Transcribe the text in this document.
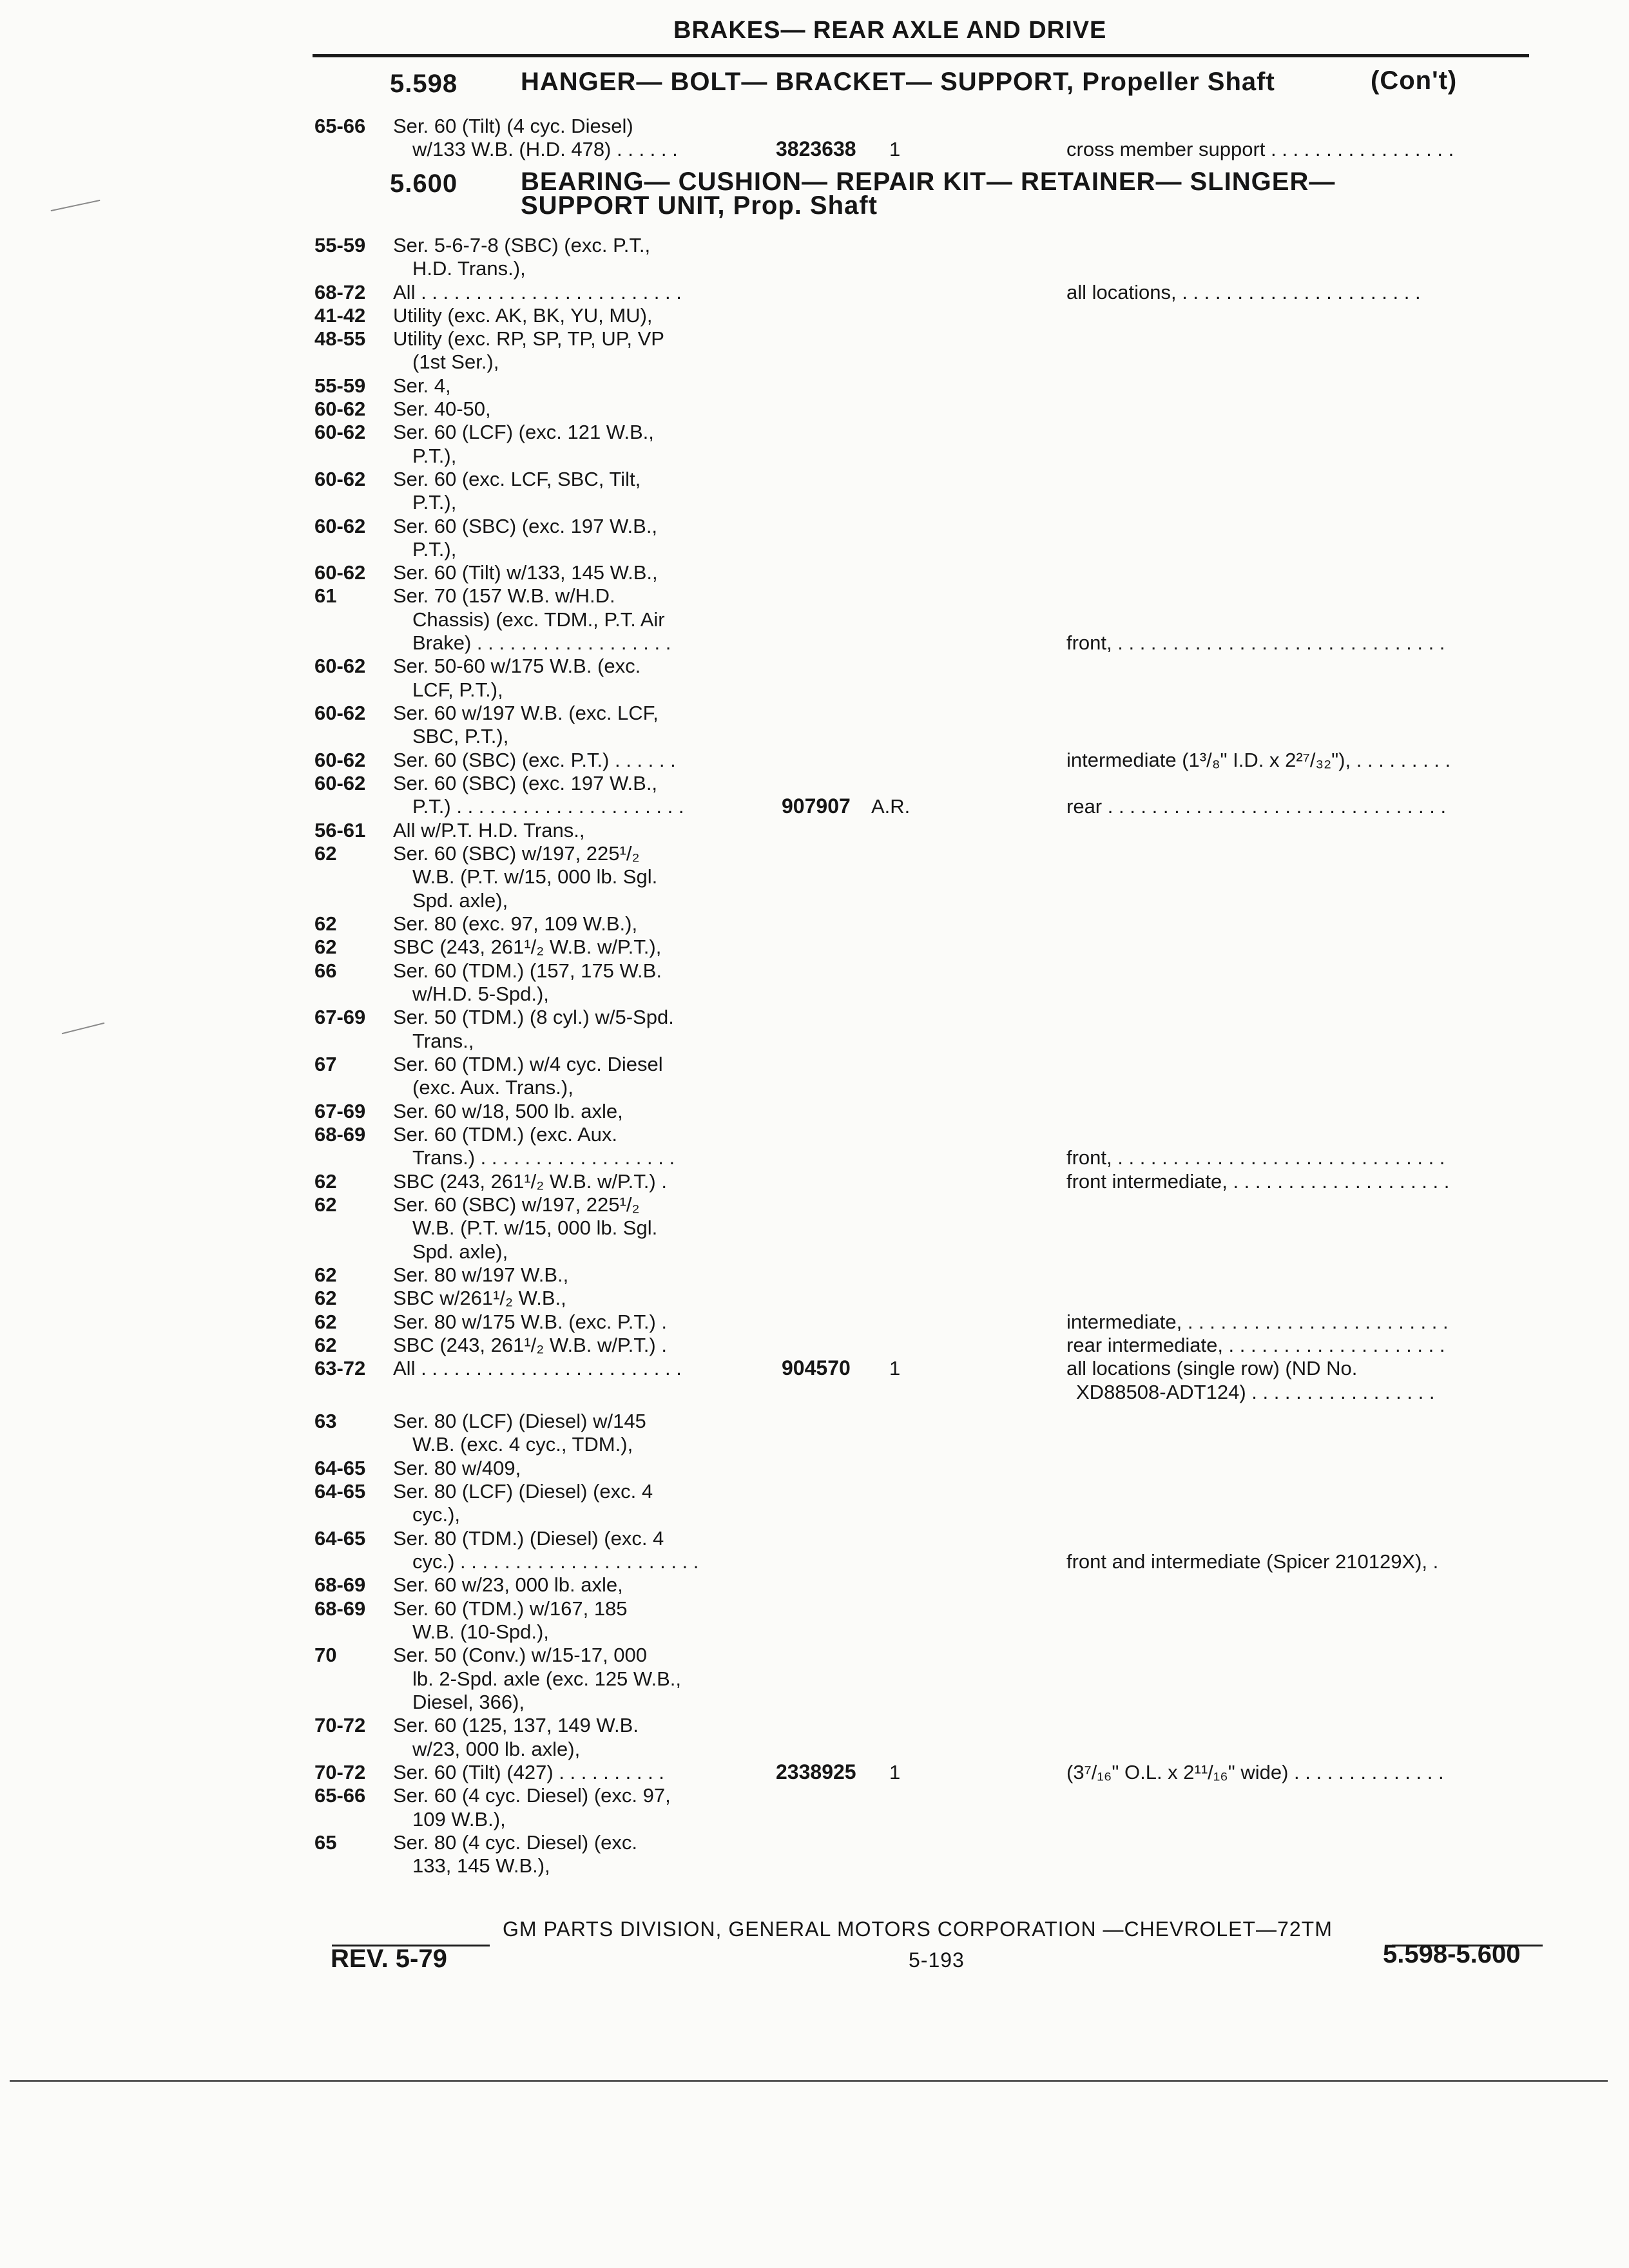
BRAKES— REAR AXLE AND DRIVE
5.598 HANGER— BOLT— BRACKET— SUPPORT, Propeller Shaft	(Con't)
5.600 BEARING— CUSHION— REPAIR KIT— RETAINER— SLINGER—
SUPPORT UNIT, Prop. Shaft
65-66 Ser. 60 (Tilt) (4 cyc. Diesel)
w/133 W.B. (H.D. 478) . . . . . .	3823638 1	cross member support . . . . . . . . . . . . . . . . .
55-59 Ser. 5-6-7-8 (SBC) (exc. P.T.,
H.D. Trans.),
68-72 All . . . . . . . . . . . . . . . . . . . . . . . .	all locations, . . . . . . . . . . . . . . . . . . . . . .
41-42 Utility (exc. AK, BK, YU, MU),
48-55 Utility (exc. RP, SP, TP, UP, VP
(1st Ser.),
55-59 Ser. 4,
60-62 Ser. 40-50,
60-62 Ser. 60 (LCF) (exc. 121 W.B.,
P.T.),
60-62 Ser. 60 (exc. LCF, SBC, Tilt,
P.T.),
60-62 Ser. 60 (SBC) (exc. 197 W.B.,
P.T.),
60-62 Ser. 60 (Tilt) w/133, 145 W.B.,
61	Ser. 70 (157 W.B. w/H.D.
Chassis) (exc. TDM., P.T. Air
Brake) . . . . . . . . . . . . . . . . . .	front, . . . . . . . . . . . . . . . . . . . . . . . . . . . . . .
60-62 Ser. 50-60 w/175 W.B. (exc.
LCF, P.T.),
60-62 Ser. 60 w/197 W.B. (exc. LCF,
SBC, P.T.),
60-62 Ser. 60 (SBC) (exc. P.T.) . . . . . .	intermediate (1³/₈" I.D. x 2²⁷/₃₂"), . . . . . . . . .
60-62 Ser. 60 (SBC) (exc. 197 W.B.,
P.T.) . . . . . . . . . . . . . . . . . . . . .	907907 A.R.	rear . . . . . . . . . . . . . . . . . . . . . . . . . . . . . . .
56-61 All w/P.T. H.D. Trans.,
62	Ser. 60 (SBC) w/197, 225¹/₂
W.B. (P.T. w/15, 000 lb. Sgl.
Spd. axle),
62	Ser. 80 (exc. 97, 109 W.B.),
62	SBC (243, 261¹/₂ W.B. w/P.T.),
66	Ser. 60 (TDM.) (157, 175 W.B.
w/H.D. 5-Spd.),
67-69 Ser. 50 (TDM.) (8 cyl.) w/5-Spd.
Trans.,
67	Ser. 60 (TDM.) w/4 cyc. Diesel
(exc. Aux. Trans.),
67-69 Ser. 60 w/18, 500 lb. axle,
68-69 Ser. 60 (TDM.) (exc. Aux.
Trans.) . . . . . . . . . . . . . . . . . .	front, . . . . . . . . . . . . . . . . . . . . . . . . . . . . . .
62	SBC (243, 261¹/₂ W.B. w/P.T.) .	front intermediate, . . . . . . . . . . . . . . . . . . . .
62	Ser. 60 (SBC) w/197, 225¹/₂
W.B. (P.T. w/15, 000 lb. Sgl.
Spd. axle),
62	Ser. 80 w/197 W.B.,
62	SBC w/261¹/₂ W.B.,
62	Ser. 80 w/175 W.B. (exc. P.T.) .	intermediate, . . . . . . . . . . . . . . . . . . . . . . . .
62	SBC (243, 261¹/₂ W.B. w/P.T.) .	rear intermediate, . . . . . . . . . . . . . . . . . . . .
63-72 All . . . . . . . . . . . . . . . . . . . . . . . .	904570 1	all locations (single row) (ND No.
XD88508-ADT124) . . . . . . . . . . . . . . . . .
63	Ser. 80 (LCF) (Diesel) w/145
W.B. (exc. 4 cyc., TDM.),
64-65 Ser. 80 w/409,
64-65 Ser. 80 (LCF) (Diesel) (exc. 4
cyc.),
64-65 Ser. 80 (TDM.) (Diesel) (exc. 4
cyc.) . . . . . . . . . . . . . . . . . . . . . .	front and intermediate (Spicer 210129X), .
68-69 Ser. 60 w/23, 000 lb. axle,
68-69 Ser. 60 (TDM.) w/167, 185
W.B. (10-Spd.),
70	Ser. 50 (Conv.) w/15-17, 000
lb. 2-Spd. axle (exc. 125 W.B.,
Diesel, 366),
70-72 Ser. 60 (125, 137, 149 W.B.
w/23, 000 lb. axle),
70-72 Ser. 60 (Tilt) (427) . . . . . . . . . .	2338925 1	(3⁷/₁₆" O.L. x 2¹¹/₁₆" wide) . . . . . . . . . . . . . .
65-66 Ser. 60 (4 cyc. Diesel) (exc. 97,
109 W.B.),
65	Ser. 80 (4 cyc. Diesel) (exc.
133, 145 W.B.),
GM PARTS DIVISION, GENERAL MOTORS CORPORATION —CHEVROLET—72TM
REV. 5-79	5-193	5.598-5.600
